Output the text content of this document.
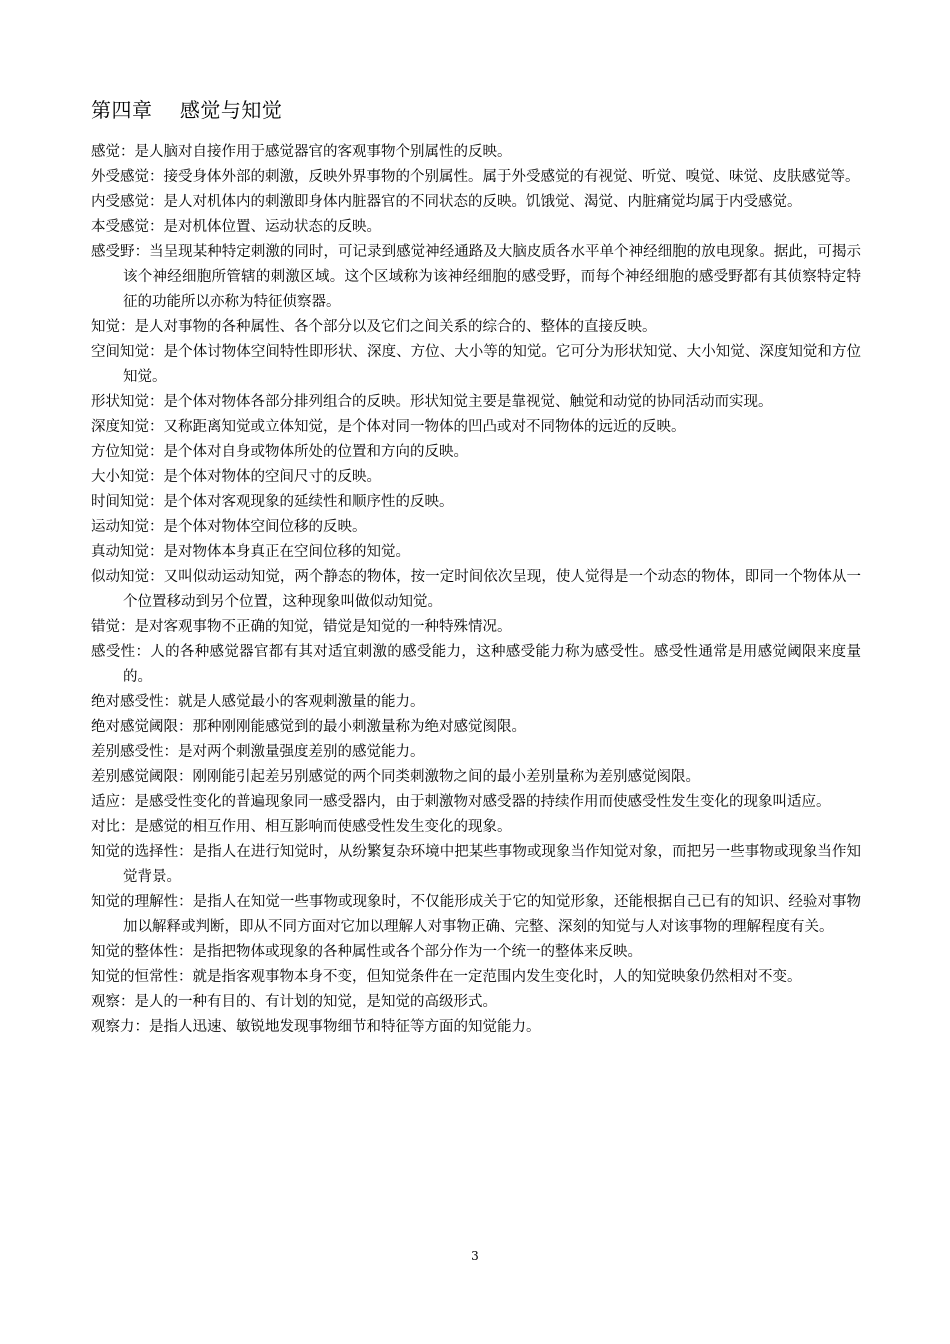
第四章    感觉与知觉

感觉：是人脑对自接作用于感觉器官的客观事物个别属性的反映。

外受感觉：接受身体外部的刺激，反映外界事物的个别属性。属于外受感觉的有视觉、听觉、嗅觉、味觉、皮肤感觉等。

内受感觉：是人对机体内的刺激即身体内脏器官的不同状态的反映。饥饿觉、渴觉、内脏痛觉均属于内受感觉。

本受感觉：是对机体位置、运动状态的反映。

感受野：当呈现某种特定刺激的同时，可记录到感觉神经通路及大脑皮质各水平单个神经细胞的放电现象。据此，可揭示该个神经细胞所管辖的刺激区域。这个区域称为该神经细胞的感受野，而每个神经细胞的感受野都有其侦察特定特征的功能所以亦称为特征侦察器。

知觉：是人对事物的各种属性、各个部分以及它们之间关系的综合的、整体的直接反映。

空间知觉：是个体讨物体空间特性即形状、深度、方位、大小等的知觉。它可分为形状知觉、大小知觉、深度知觉和方位知觉。

形状知觉：是个体对物体各部分排列组合的反映。形状知觉主要是靠视觉、触觉和动觉的协同活动而实现。

深度知觉：又称距离知觉或立体知觉，是个体对同一物体的凹凸或对不同物体的远近的反映。

方位知觉：是个体对自身或物体所处的位置和方向的反映。

大小知觉：是个体对物体的空间尺寸的反映。

时间知觉：是个体对客观现象的延续性和顺序性的反映。

运动知觉：是个体对物体空间位移的反映。

真动知觉：是对物体本身真正在空间位移的知觉。

似动知觉：又叫似动运动知觉，两个静态的物体，按一定时间依次呈现，使人觉得是一个动态的物体，即同一个物体从一个位置移动到另个位置，这种现象叫做似动知觉。

错觉：是对客观事物不正确的知觉，错觉是知觉的一种特殊情况。

感受性：人的各种感觉器官都有其对适宜刺激的感受能力，这种感受能力称为感受性。感受性通常是用感觉阈限来度量的。

绝对感受性：就是人感觉最小的客观刺激量的能力。

绝对感觉阈限：那种刚刚能感觉到的最小刺激量称为绝对感觉阂限。

差别感受性：是对两个刺激量强度差别的感觉能力。

差别感觉阈限：刚刚能引起差另别感觉的两个同类刺激物之间的最小差别量称为差别感觉阂限。

适应：是感受性变化的普遍现象同一感受器内，由于刺激物对感受器的持续作用而使感受性发生变化的现象叫适应。

对比：是感觉的相互作用、相互影响而使感受性发生变化的现象。

知觉的选择性：是指人在进行知觉时，从纷繁复杂环境中把某些事物或现象当作知觉对象，而把另一些事物或现象当作知觉背景。

知觉的理解性：是指人在知觉一些事物或现象时，不仅能形成关于它的知觉形象，还能根据自己已有的知识、经验对事物加以解释或判断，即从不同方面对它加以理解人对事物正确、完整、深刻的知觉与人对该事物的理解程度有关。

知觉的整体性：是指把物体或现象的各种属性或各个部分作为一个统一的整体来反映。

知觉的恒常性：就是指客观事物本身不变，但知觉条件在一定范围内发生变化时，人的知觉映象仍然相对不变。

观察：是人的一种有目的、有计划的知觉，是知觉的高级形式。

观察力：是指人迅速、敏锐地发现事物细节和特征等方面的知觉能力。

3
